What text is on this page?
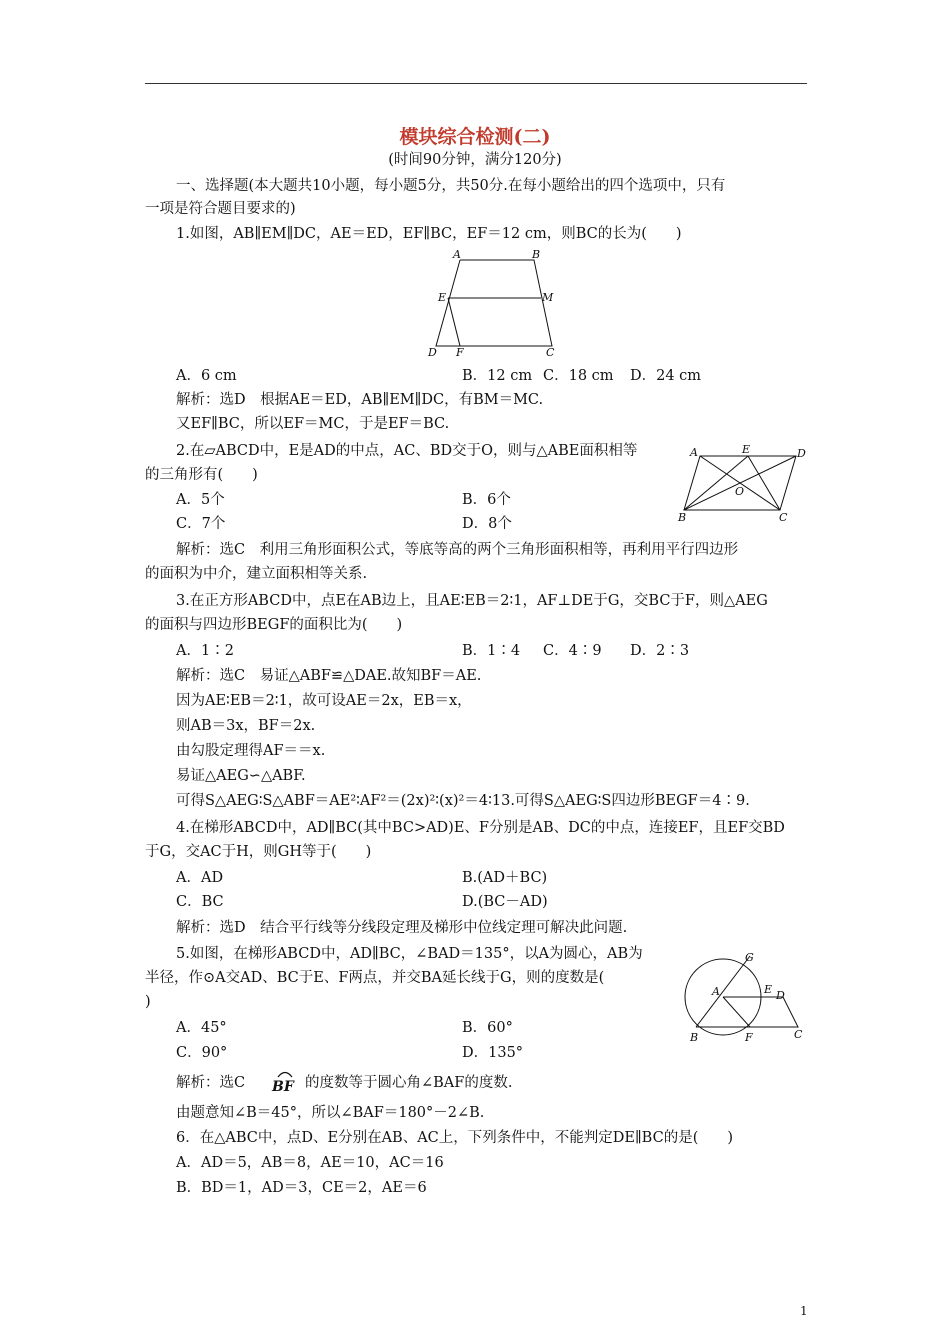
模块综合检测(二)
(时间90分钟，满分120分)
一、选择题(本大题共10小题，每小题5分，共50分.在每小题给出的四个选项中，只有
一项是符合题目要求的)
1.如图，AB∥EM∥DC，AE＝ED，EF∥BC，EF＝12 cm，则BC的长为(　　)
A	B
E	M
D F	C
A．6 cm	B．12 cm C．18 cm D．24 cm
解析：选D　根据AE＝ED，AB∥EM∥DC，有BM＝MC.
又EF∥BC，所以EF＝MC，于是EF＝BC.
2.在▱ABCD中，E是AD的中点，AC、BD交于O，则与△ABE面积相等
的三角形有(　　)
A	E	D
O
B	C
A．5个	B．6个
C．7个	D．8个
解析：选C　利用三角形面积公式，等底等高的两个三角形面积相等，再利用平行四边形
的面积为中介，建立面积相等关系.
3.在正方形ABCD中，点E在AB边上，且AE∶EB＝2∶1，AF⊥DE于G，交BC于F，则△AEG
的面积与四边形BEGF的面积比为(　　)
A．1∶2	B．1∶4 C．4∶9 D．2∶3
解析：选C　易证△ABF≌△DAE.故知BF＝AE.
因为AE∶EB＝2∶1，故可设AE＝2x，EB＝x，
则AB＝3x，BF＝2x.
由勾股定理得AF＝＝x.
易证△AEG∽△ABF.
可得S△AEG∶S△ABF＝AE²∶AF²＝(2x)²∶(x)²＝4∶13.可得S△AEG∶S四边形BEGF＝4∶9.
4.在梯形ABCD中，AD∥BC(其中BC>AD)E、F分别是AB、DC的中点，连接EF，且EF交BD
于G，交AC于H，则GH等于(　　)
A．AD	B.(AD＋BC)
C．BC	D.(BC－AD)
解析：选D　结合平行线等分线段定理及梯形中位线定理可解决此问题.
5.如图，在梯形ABCD中，AD∥BC，∠BAD＝135°，以A为圆心，AB为
半径，作⊙A交AD、BC于E、F两点，并交BA延长线于G，则的度数是(
)
G
A	E D
B	F	C
A．45°	B．60°
C．90°	D．135°
解析：选C BF 的度数等于圆心角∠BAF的度数.
由题意知∠B＝45°，所以∠BAF＝180°－2∠B.
6．在△ABC中，点D、E分别在AB、AC上，下列条件中，不能判定DE∥BC的是(　　)
A．AD＝5，AB＝8，AE＝10，AC＝16
B．BD＝1，AD＝3，CE＝2，AE＝6
1
